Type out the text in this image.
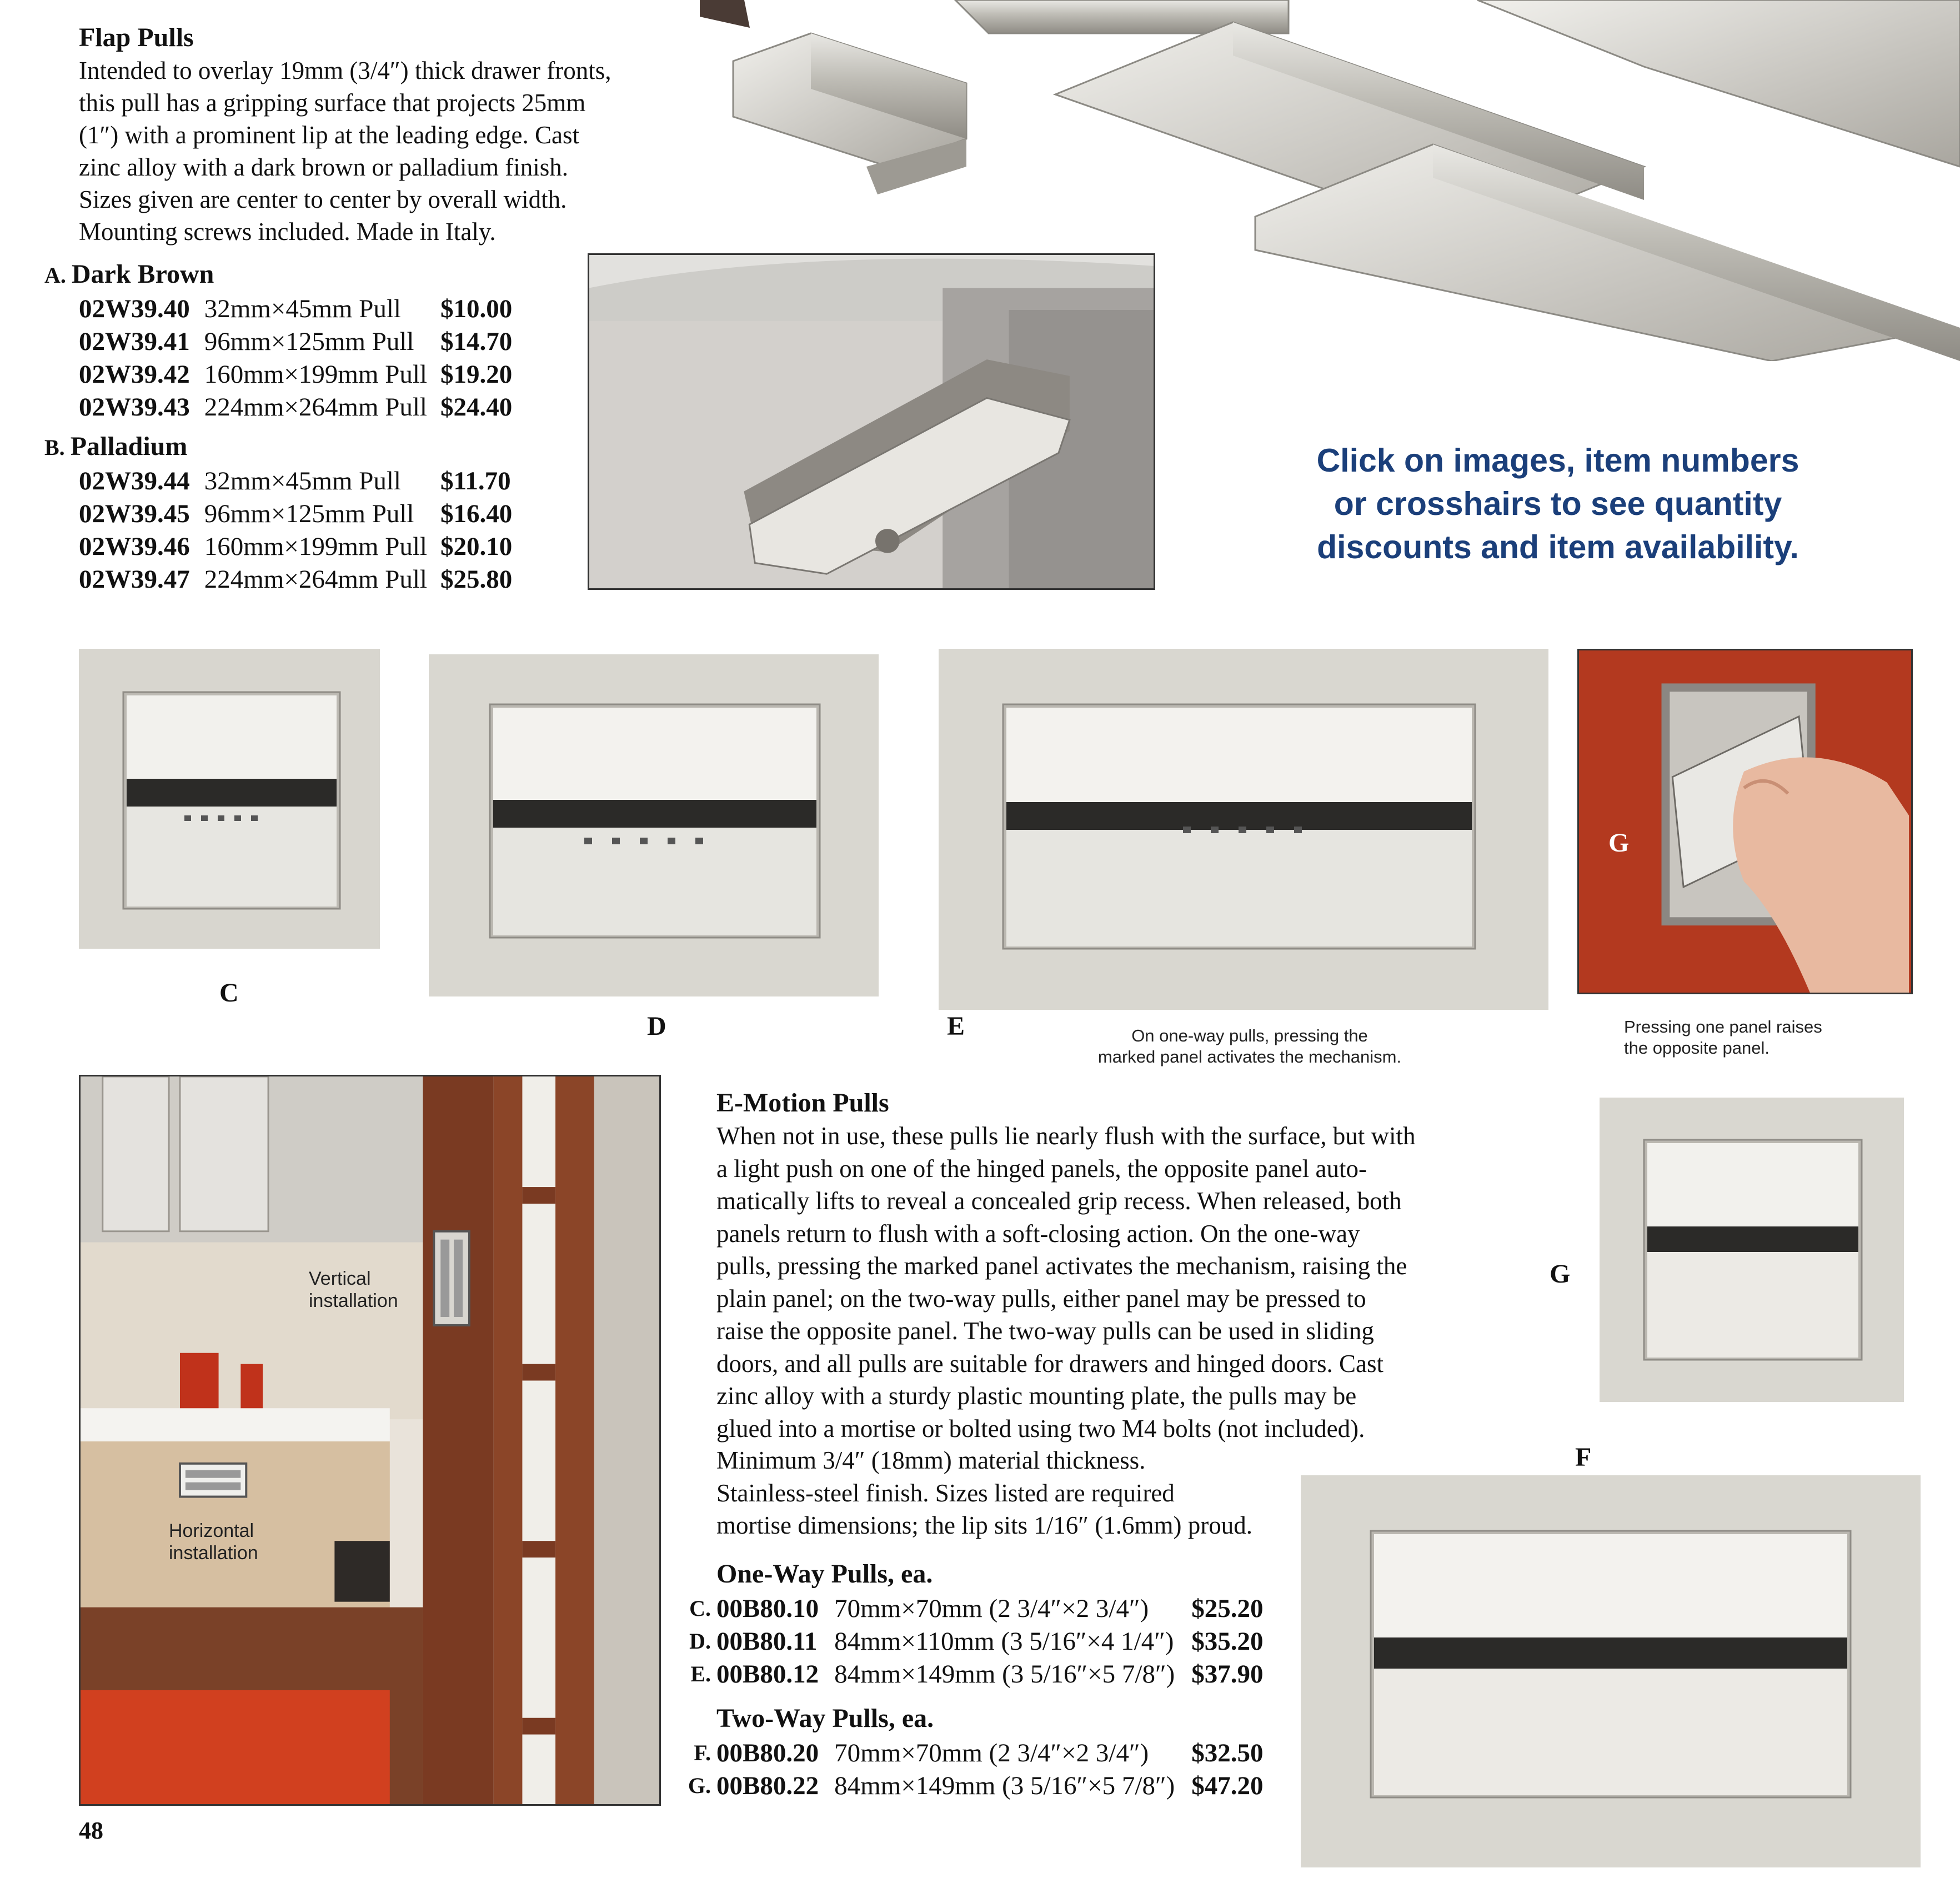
Flap Pulls
Intended to overlay 19mm (3/4″) thick drawer fronts,
this pull has a gripping surface that projects 25mm
(1″) with a prominent lip at the leading edge. Cast
zinc alloy with a dark brown or palladium finish.
Sizes given are center to center by overall width.
Mounting screws included. Made in Italy.
A. Dark Brown
02W39.40	32mm×45mm Pull	$10.00
02W39.41	96mm×125mm Pull	$14.70
02W39.42	160mm×199mm Pull	$19.20
02W39.43	224mm×264mm Pull	$24.40
B. Palladium
02W39.44	32mm×45mm Pull	$11.70
02W39.45	96mm×125mm Pull	$16.40
02W39.46	160mm×199mm Pull	$20.10
02W39.47	224mm×264mm Pull	$25.80
Click on images, item numbers
or crosshairs to see quantity
discounts and item availability.
C
D	E	On one-way pulls, pressing the
marked panel activates the mechanism.
G
Pressing one panel raises
the opposite panel.
Vertical
installation
Horizontal
installation
E-Motion Pulls
When not in use, these pulls lie nearly flush with the surface, but with
a light push on one of the hinged panels, the opposite panel auto-
matically lifts to reveal a concealed grip recess. When released, both
panels return to flush with a soft-closing action. On the one-way
pulls, pressing the marked panel activates the mechanism, raising the
plain panel; on the two-way pulls, either panel may be pressed to
raise the opposite panel. The two-way pulls can be used in sliding
doors, and all pulls are suitable for drawers and hinged doors. Cast
zinc alloy with a sturdy plastic mounting plate, the pulls may be
glued into a mortise or bolted using two M4 bolts (not included).
Minimum 3/4″ (18mm) material thickness.
Stainless-steel finish. Sizes listed are required
mortise dimensions; the lip sits 1/16″ (1.6mm) proud.
One-Way Pulls, ea.
C.	00B80.10	70mm×70mm (2 3/4″×2 3/4″)	$25.20
D.	00B80.11	84mm×110mm (3 5/16″×4 1/4″)	$35.20
E.	00B80.12	84mm×149mm (3 5/16″×5 7/8″)	$37.90
Two-Way Pulls, ea.
F.	00B80.20	70mm×70mm (2 3/4″×2 3/4″)	$32.50
G.	00B80.22	84mm×149mm (3 5/16″×5 7/8″)	$47.20
G
F
48
